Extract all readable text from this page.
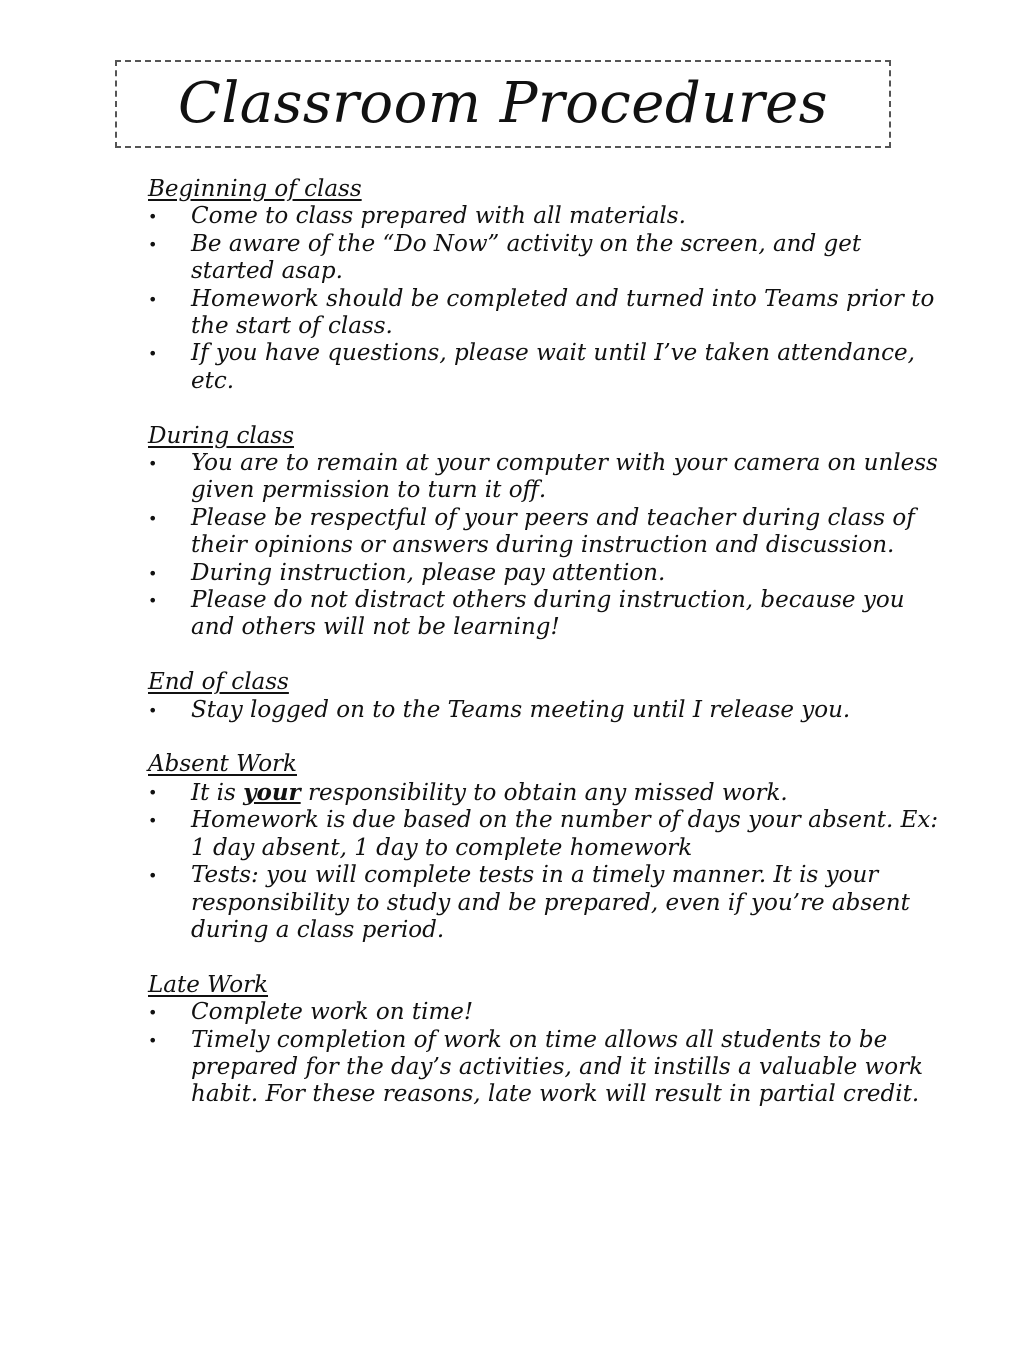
Classroom Procedures

Beginning of class

• Come to class prepared with all materials.
• Be aware of the “Do Now” activity on the screen, and get started asap.
• Homework should be completed and turned into Teams prior to the start of class.
• If you have questions, please wait until I’ve taken attendance, etc.

During class

• You are to remain at your computer with your camera on unless given permission to turn it off.
• Please be respectful of your peers and teacher during class of their opinions or answers during instruction and discussion.
• During instruction, please pay attention.
• Please do not distract others during instruction, because you and others will not be learning!

End of class

• Stay logged on to the Teams meeting until I release you.

Absent Work

• It is your responsibility to obtain any missed work.
• Homework is due based on the number of days your absent. Ex: 1 day absent, 1 day to complete homework
• Tests: you will complete tests in a timely manner. It is your responsibility to study and be prepared, even if you’re absent during a class period.

Late Work

• Complete work on time!
• Timely completion of work on time allows all students to be prepared for the day’s activities, and it instills a valuable work habit. For these reasons, late work will result in partial credit.
